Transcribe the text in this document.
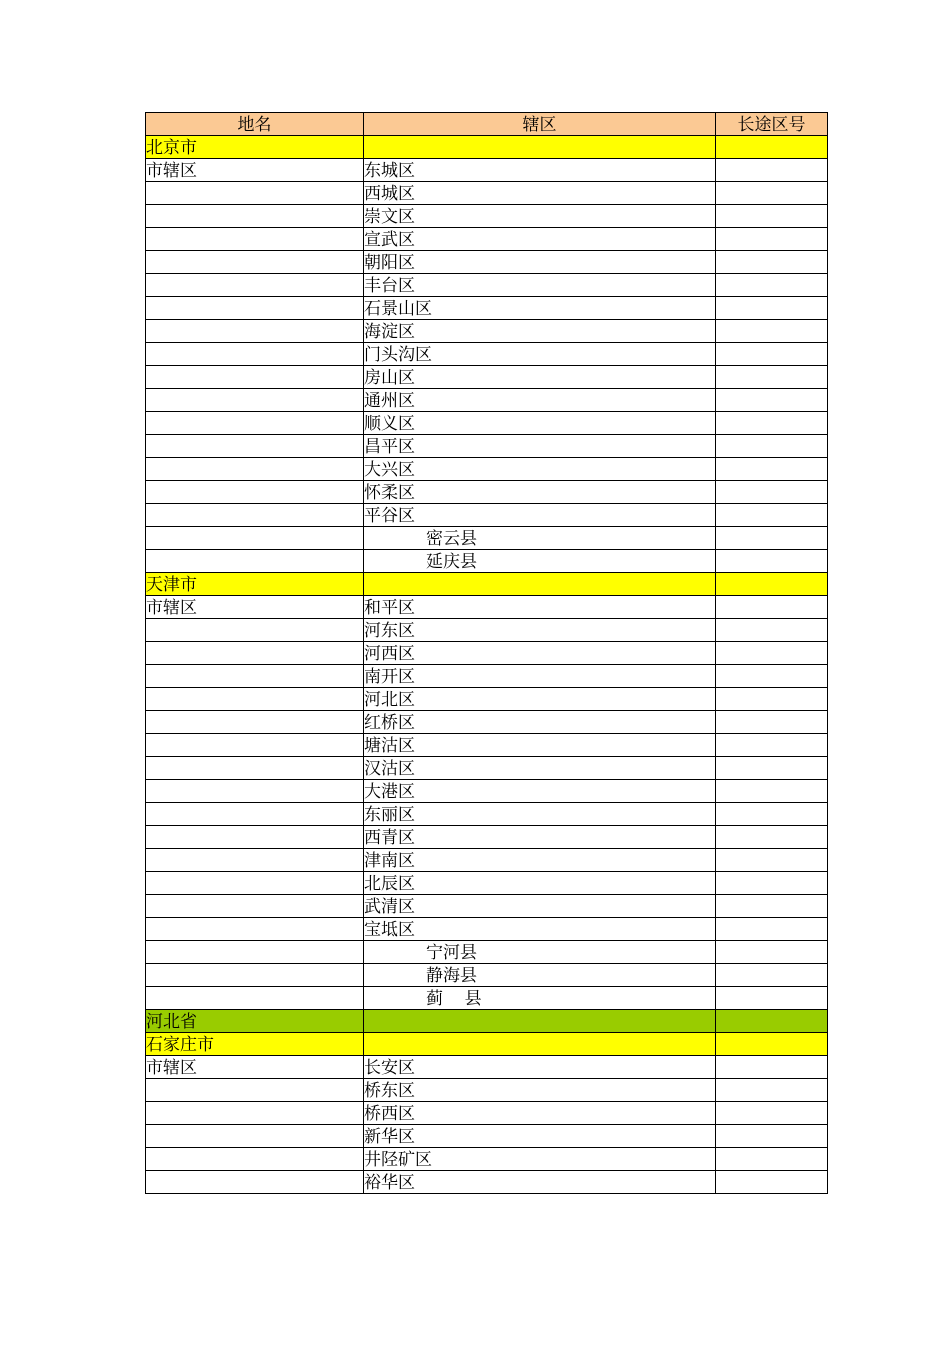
地名	辖区	长途区号
北京市		
市辖区	东城区	
	西城区	
	崇文区	
	宣武区	
	朝阳区	
	丰台区	
	石景山区	
	海淀区	
	门头沟区	
	房山区	
	通州区	
	顺义区	
	昌平区	
	大兴区	
	怀柔区	
	平谷区	
	密云县	
	延庆县	
天津市		
市辖区	和平区	
	河东区	
	河西区	
	南开区	
	河北区	
	红桥区	
	塘沽区	
	汉沽区	
	大港区	
	东丽区	
	西青区	
	津南区	
	北辰区	
	武清区	
	宝坻区	
	宁河县	
	静海县	
	蓟    县	
河北省		
石家庄市		
市辖区	长安区	
	桥东区	
	桥西区	
	新华区	
	井陉矿区	
	裕华区	
